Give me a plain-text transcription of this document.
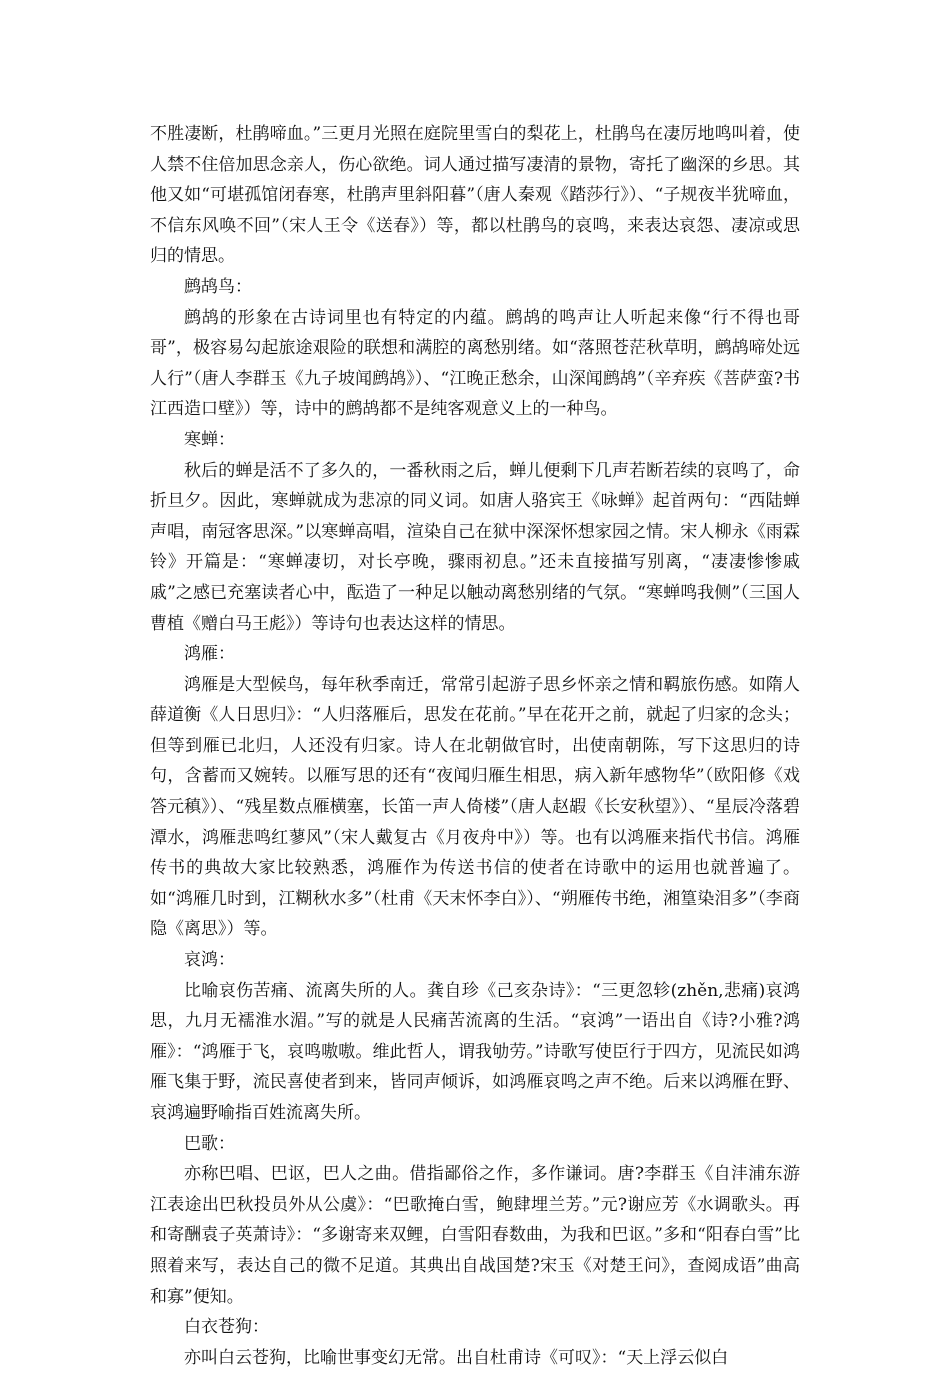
不胜凄断，杜鹃啼血。”三更月光照在庭院里雪白的梨花上，杜鹃鸟在凄厉地鸣叫着，使人禁不住倍加思念亲人，伤心欲绝。词人通过描写凄清的景物，寄托了幽深的乡思。其他又如“可堪孤馆闭春寒，杜鹃声里斜阳暮”（唐人秦观《踏莎行》）、“子规夜半犹啼血，不信东风唤不回”（宋人王令《送春》）等，都以杜鹃鸟的哀鸣，来表达哀怨、凄凉或思归的情思。

鹧鸪鸟：

鹧鸪的形象在古诗词里也有特定的内蕴。鹧鸪的鸣声让人听起来像“行不得也哥哥”，极容易勾起旅途艰险的联想和满腔的离愁别绪。如“落照苍茫秋草明，鹧鸪啼处远人行”（唐人李群玉《九子坡闻鹧鸪》）、“江晚正愁余，山深闻鹧鸪”（辛弃疾《菩萨蛮?书江西造口壁》）等，诗中的鹧鸪都不是纯客观意义上的一种鸟。

寒蝉：

秋后的蝉是活不了多久的，一番秋雨之后，蝉儿便剩下几声若断若续的哀鸣了，命折旦夕。因此，寒蝉就成为悲凉的同义词。如唐人骆宾王《咏蝉》起首两句：“西陆蝉声唱，南冠客思深。”以寒蝉高唱，渲染自己在狱中深深怀想家园之情。宋人柳永《雨霖铃》开篇是：“寒蝉凄切，对长亭晚，骤雨初息。”还未直接描写别离，“凄凄惨惨戚戚”之感已充塞读者心中，酝造了一种足以触动离愁别绪的气氛。“寒蝉鸣我侧”（三国人曹植《赠白马王彪》）等诗句也表达这样的情思。

鸿雁：

鸿雁是大型候鸟，每年秋季南迁，常常引起游子思乡怀亲之情和羁旅伤感。如隋人薛道衡《人日思归》：“人归落雁后，思发在花前。”早在花开之前，就起了归家的念头；但等到雁已北归，人还没有归家。诗人在北朝做官时，出使南朝陈，写下这思归的诗句，含蓄而又婉转。以雁写思的还有“夜闻归雁生相思，病入新年感物华”（欧阳修《戏答元稹》）、“残星数点雁横塞，长笛一声人倚楼”（唐人赵嘏《长安秋望》）、“星辰冷落碧潭水，鸿雁悲鸣红蓼风”（宋人戴复古《月夜舟中》）等。也有以鸿雁来指代书信。鸿雁传书的典故大家比较熟悉，鸿雁作为传送书信的使者在诗歌中的运用也就普遍了。如“鸿雁几时到，江糊秋水多”（杜甫《天末怀李白》）、“朔雁传书绝，湘篁染泪多”（李商隐《离思》）等。

哀鸿：

比喻哀伤苦痛、流离失所的人。龚自珍《己亥杂诗》：“三更忽轸(zhěn,悲痛)哀鸿思，九月无襦淮水湄。”写的就是人民痛苦流离的生活。“哀鸿”一语出自《诗?小雅?鸿雁》：“鸿雁于飞，哀鸣嗷嗷。维此哲人，谓我劬劳。”诗歌写使臣行于四方，见流民如鸿雁飞集于野，流民喜使者到来，皆同声倾诉，如鸿雁哀鸣之声不绝。后来以鸿雁在野、哀鸿遍野喻指百姓流离失所。

巴歌：

亦称巴唱、巴讴，巴人之曲。借指鄙俗之作，多作谦词。唐?李群玉《自沣浦东游江表途出巴秋投员外从公虞》：“巴歌掩白雪，鲍肆埋兰芳。”元?谢应芳《水调歌头。再和寄酬袁子英萧诗》：“多谢寄来双鲤，白雪阳春数曲，为我和巴讴。”多和“阳春白雪”比照着来写，表达自己的微不足道。其典出自战国楚?宋玉《对楚王问》，查阅成语”曲高和寡”便知。

白衣苍狗：

亦叫白云苍狗，比喻世事变幻无常。出自杜甫诗《可叹》：“天上浮云似白
